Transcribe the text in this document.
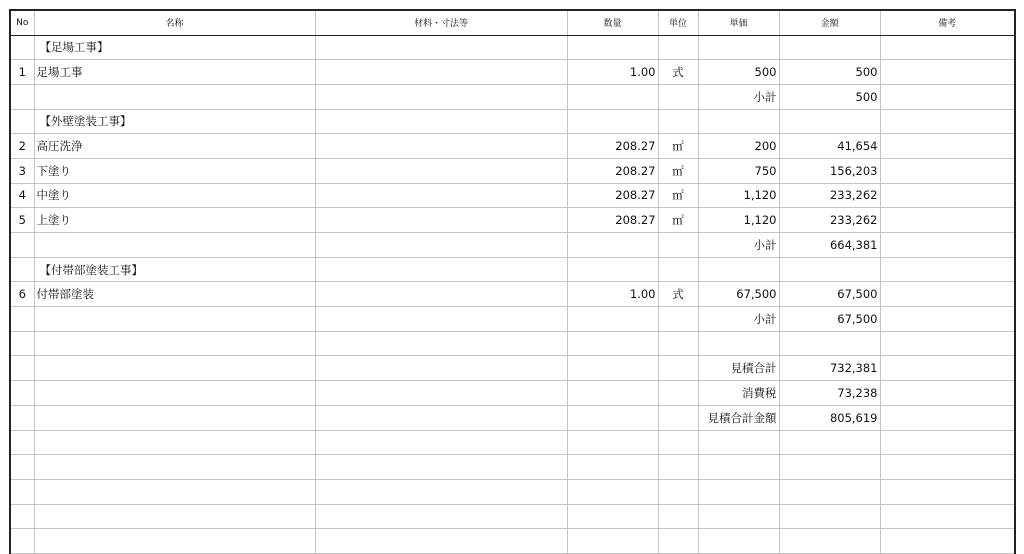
No	名称	材料・寸法等	数量	単位	単価	金額	備考
	【足場工事】						
1	足場工事		1.00	式	500	500	
					小計	500	
	【外壁塗装工事】						
2	高圧洗浄		208.27	㎡	200	41,654	
3	下塗り		208.27	㎡	750	156,203	
4	中塗り		208.27	㎡	1,120	233,262	
5	上塗り		208.27	㎡	1,120	233,262	
					小計	664,381	
	【付帯部塗装工事】						
6	付帯部塗装		1.00	式	67,500	67,500	
					小計	67,500	

					見積合計	732,381	
					消費税	73,238	
					見積合計金額	805,619	
